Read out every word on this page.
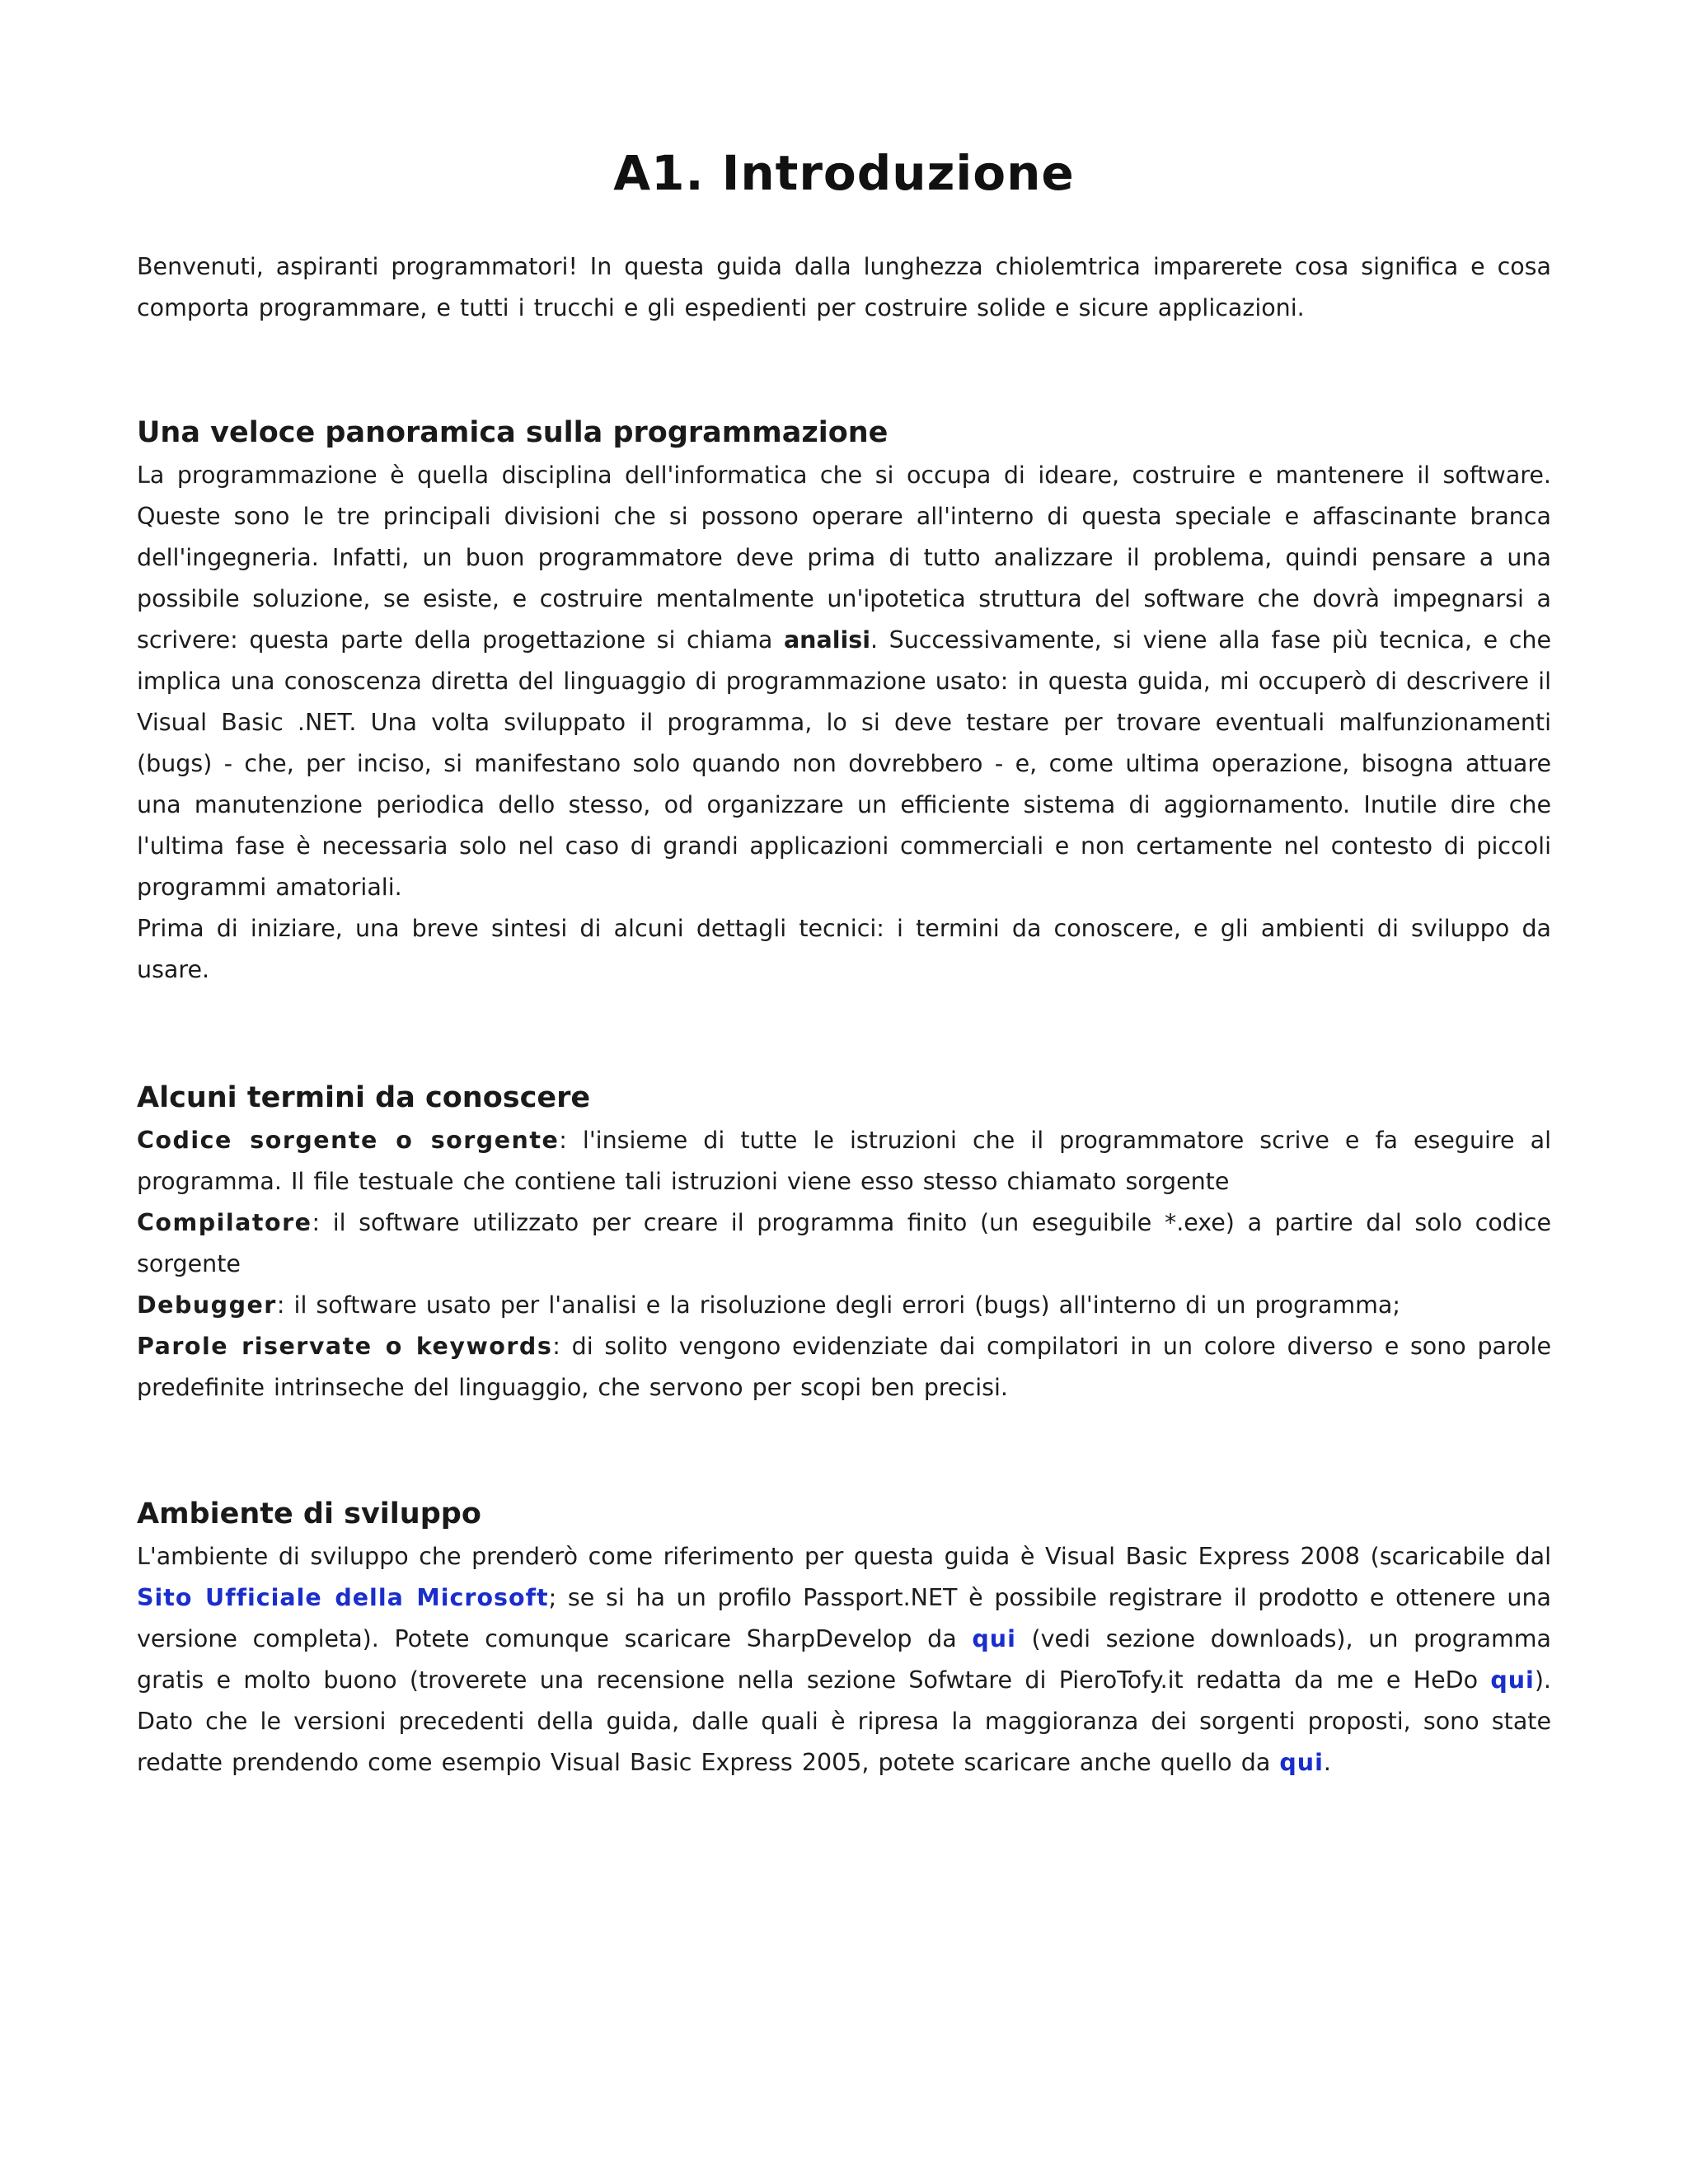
A1. Introduzione

Benvenuti, aspiranti programmatori! In questa guida dalla lunghezza chiolemtrica imparerete cosa significa e cosa comporta programmare, e tutti i trucchi e gli espedienti per costruire solide e sicure applicazioni.

Una veloce panoramica sulla programmazione
La programmazione è quella disciplina dell'informatica che si occupa di ideare, costruire e mantenere il software. Queste sono le tre principali divisioni che si possono operare all'interno di questa speciale e affascinante branca dell'ingegneria. Infatti, un buon programmatore deve prima di tutto analizzare il problema, quindi pensare a una possibile soluzione, se esiste, e costruire mentalmente un'ipotetica struttura del software che dovrà impegnarsi a scrivere: questa parte della progettazione si chiama analisi. Successivamente, si viene alla fase più tecnica, e che implica una conoscenza diretta del linguaggio di programmazione usato: in questa guida, mi occuperò di descrivere il Visual Basic .NET. Una volta sviluppato il programma, lo si deve testare per trovare eventuali malfunzionamenti (bugs) - che, per inciso, si manifestano solo quando non dovrebbero - e, come ultima operazione, bisogna attuare una manutenzione periodica dello stesso, od organizzare un efficiente sistema di aggiornamento. Inutile dire che l'ultima fase è necessaria solo nel caso di grandi applicazioni commerciali e non certamente nel contesto di piccoli programmi amatoriali.
Prima di iniziare, una breve sintesi di alcuni dettagli tecnici: i termini da conoscere, e gli ambienti di sviluppo da usare.
Alcuni termini da conoscere
Codice sorgente o sorgente: l'insieme di tutte le istruzioni che il programmatore scrive e fa eseguire al programma. Il file testuale che contiene tali istruzioni viene esso stesso chiamato sorgente
Compilatore: il software utilizzato per creare il programma finito (un eseguibile *.exe) a partire dal solo codice sorgente
Debugger: il software usato per l'analisi e la risoluzione degli errori (bugs) all'interno di un programma;
Parole riservate o keywords: di solito vengono evidenziate dai compilatori in un colore diverso e sono parole predefinite intrinseche del linguaggio, che servono per scopi ben precisi.
Ambiente di sviluppo

L'ambiente di sviluppo che prenderò come riferimento per questa guida è Visual Basic Express 2008 (scaricabile dal Sito Ufficiale della Microsoft; se si ha un profilo Passport.NET è possibile registrare il prodotto e ottenere una versione completa). Potete comunque scaricare SharpDevelop da qui (vedi sezione downloads), un programma gratis e molto buono (troverete una recensione nella sezione Sofwtare di PieroTofy.it redatta da me e HeDo qui). Dato che le versioni precedenti della guida, dalle quali è ripresa la maggioranza dei sorgenti proposti, sono state redatte prendendo come esempio Visual Basic Express 2005, potete scaricare anche quello da qui.
